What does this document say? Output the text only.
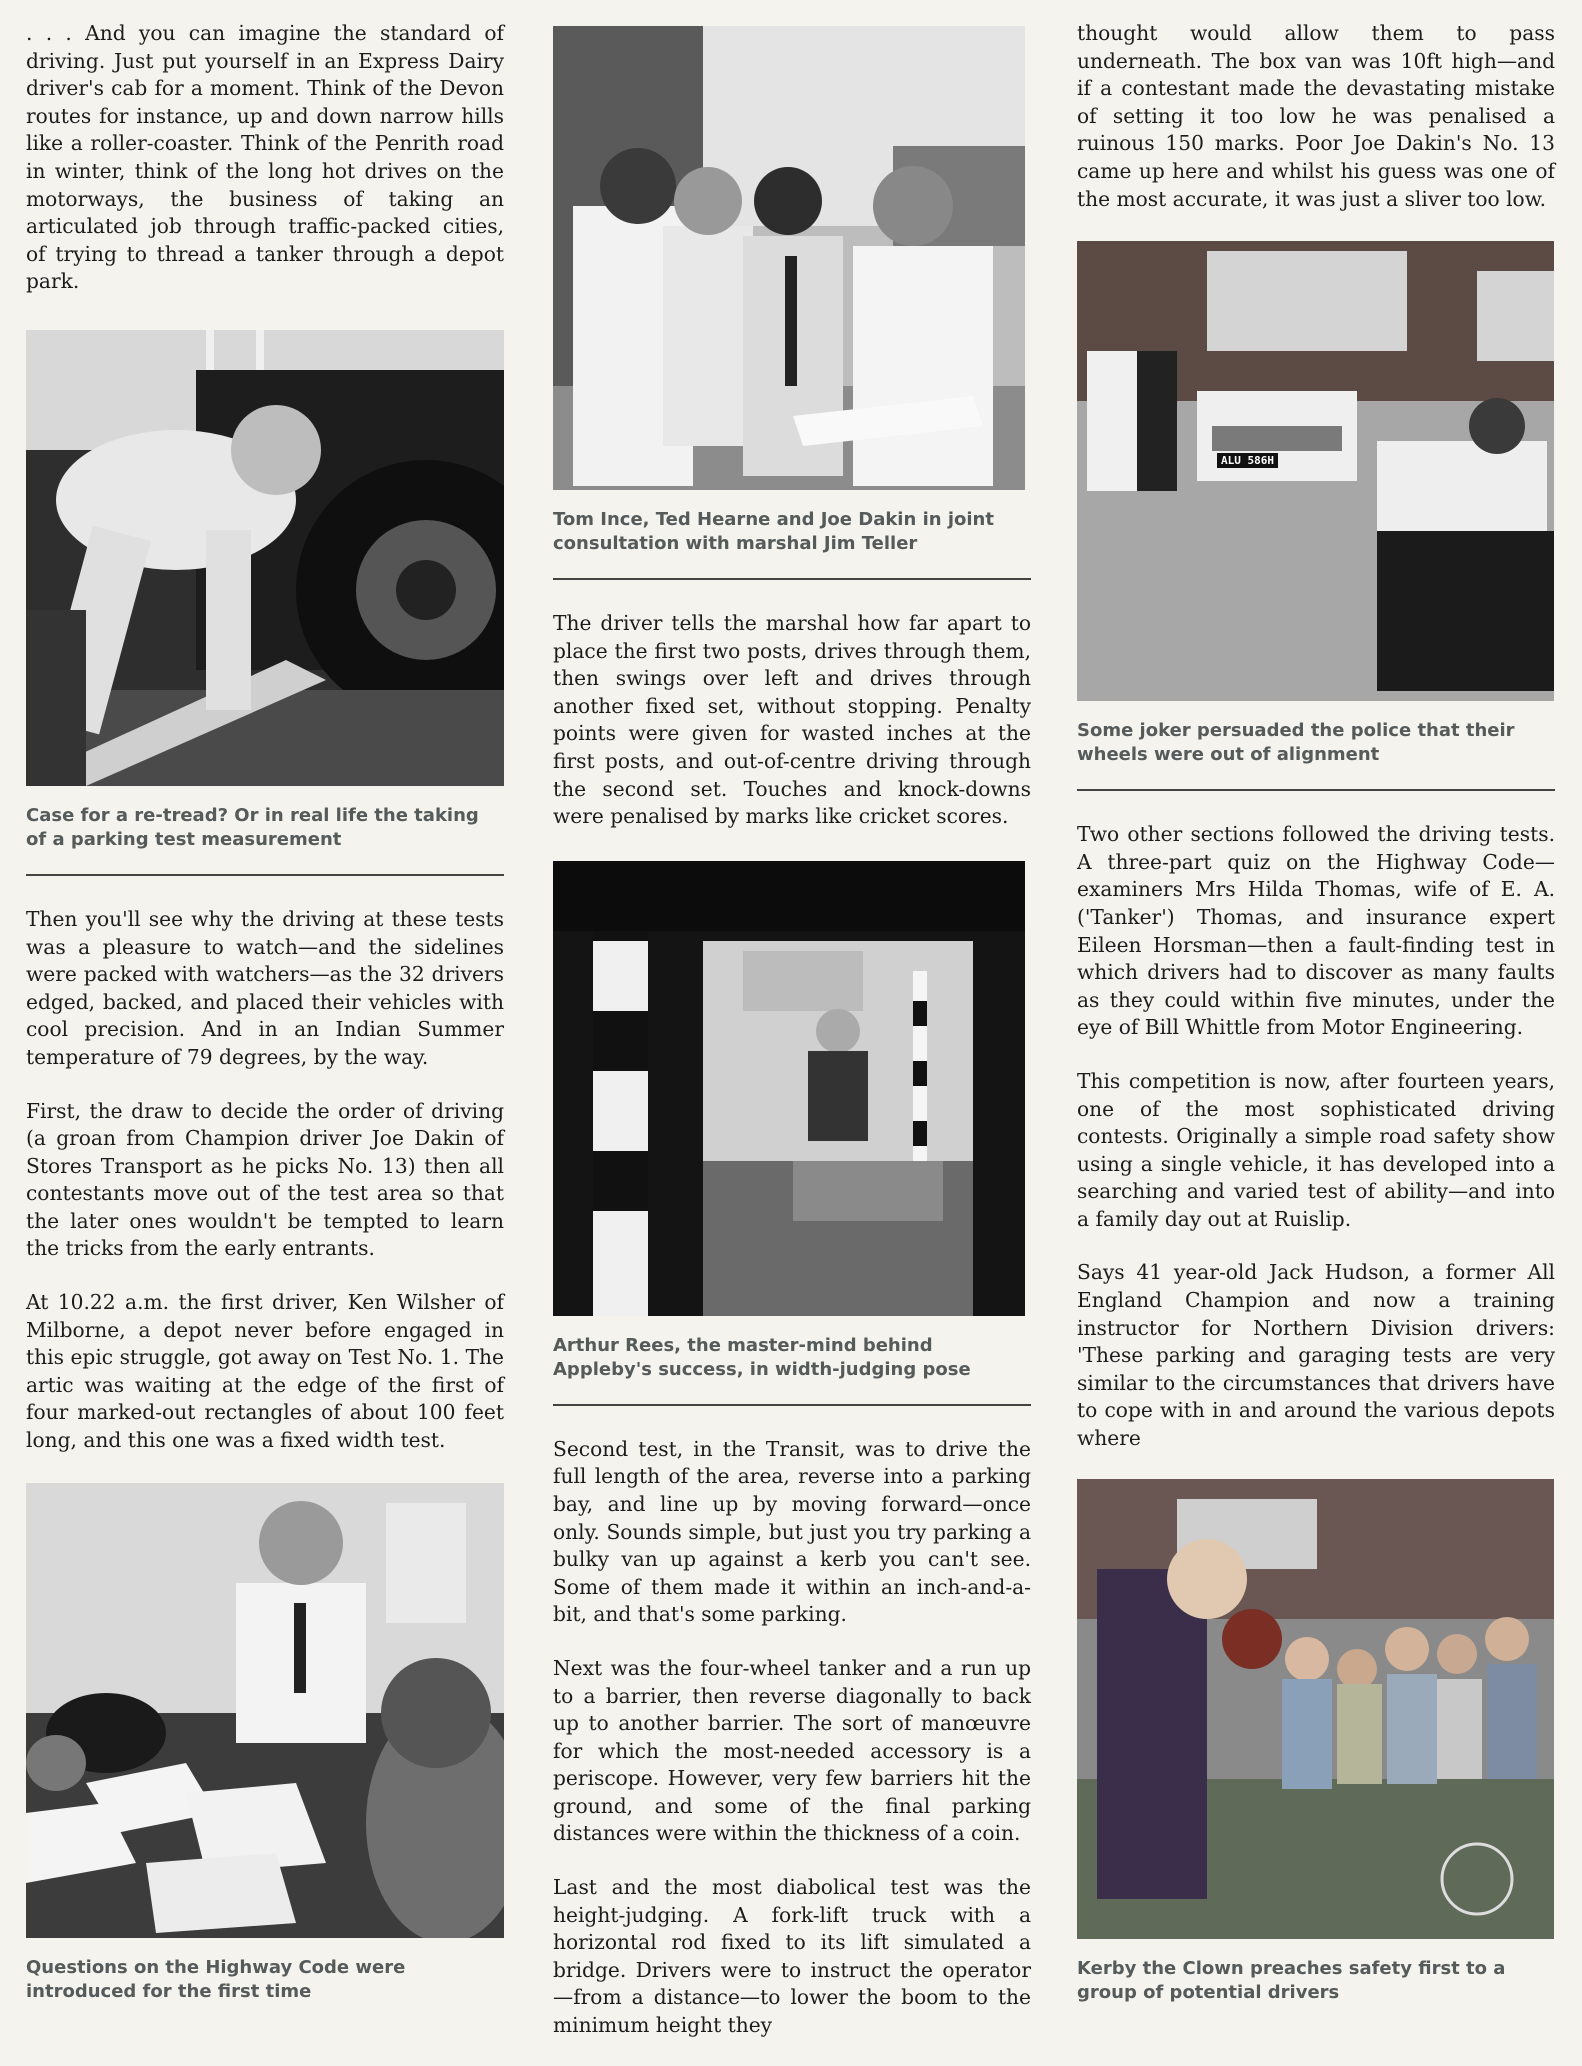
. . . And you can imagine the standard of driving. Just put yourself in an Express Dairy driver's cab for a moment. Think of the Devon routes for instance, up and down narrow hills like a roller-coaster. Think of the Penrith road in winter, think of the long hot drives on the motorways, the business of taking an articulated job through traffic-packed cities, of trying to thread a tanker through a depot park.

Case for a re-tread? Or in real life the taking of a parking test measurement

Then you'll see why the driving at these tests was a pleasure to watch—and the sidelines were packed with watchers—as the 32 drivers edged, backed, and placed their vehicles with cool precision. And in an Indian Summer temperature of 79 degrees, by the way.

First, the draw to decide the order of driving (a groan from Champion driver Joe Dakin of Stores Transport as he picks No. 13) then all contestants move out of the test area so that the later ones wouldn't be tempted to learn the tricks from the early entrants.

At 10.22 a.m. the first driver, Ken Wilsher of Milborne, a depot never before engaged in this epic struggle, got away on Test No. 1. The artic was waiting at the edge of the first of four marked-out rectangles of about 100 feet long, and this one was a fixed width test.

Questions on the Highway Code were introduced for the first time
Tom Ince, Ted Hearne and Joe Dakin in joint consultation with marshal Jim Teller

The driver tells the marshal how far apart to place the first two posts, drives through them, then swings over left and drives through another fixed set, without stopping. Penalty points were given for wasted inches at the first posts, and out-of-centre driving through the second set. Touches and knock-downs were penalised by marks like cricket scores.

Arthur Rees, the master-mind behind Appleby's success, in width-judging pose

Second test, in the Transit, was to drive the full length of the area, reverse into a parking bay, and line up by moving forward—once only. Sounds simple, but just you try parking a bulky van up against a kerb you can't see. Some of them made it within an inch-and-a-bit, and that's some parking.

Next was the four-wheel tanker and a run up to a barrier, then reverse diagonally to back up to another barrier. The sort of manœuvre for which the most-needed accessory is a periscope. However, very few barriers hit the ground, and some of the final parking distances were within the thickness of a coin.

Last and the most diabolical test was the height-judging. A fork-lift truck with a horizontal rod fixed to its lift simulated a bridge. Drivers were to instruct the operator—from a distance—to lower the boom to the minimum height they

thought would allow them to pass underneath. The box van was 10ft high—and if a contestant made the devastating mistake of setting it too low he was penalised a ruinous 150 marks. Poor Joe Dakin's No. 13 came up here and whilst his guess was one of the most accurate, it was just a sliver too low.

ALU 586H
Some joker persuaded the police that their wheels were out of alignment

Two other sections followed the driving tests. A three-part quiz on the Highway Code—examiners Mrs Hilda Thomas, wife of E. A. ('Tanker') Thomas, and insurance expert Eileen Horsman—then a fault-finding test in which drivers had to discover as many faults as they could within five minutes, under the eye of Bill Whittle from Motor Engineering.

This competition is now, after fourteen years, one of the most sophisticated driving contests. Originally a simple road safety show using a single vehicle, it has developed into a searching and varied test of ability—and into a family day out at Ruislip.

Says 41 year-old Jack Hudson, a former All England Champion and now a training instructor for Northern Division drivers: 'These parking and garaging tests are very similar to the circumstances that drivers have to cope with in and around the various depots where

Kerby the Clown preaches safety first to a group of potential drivers
